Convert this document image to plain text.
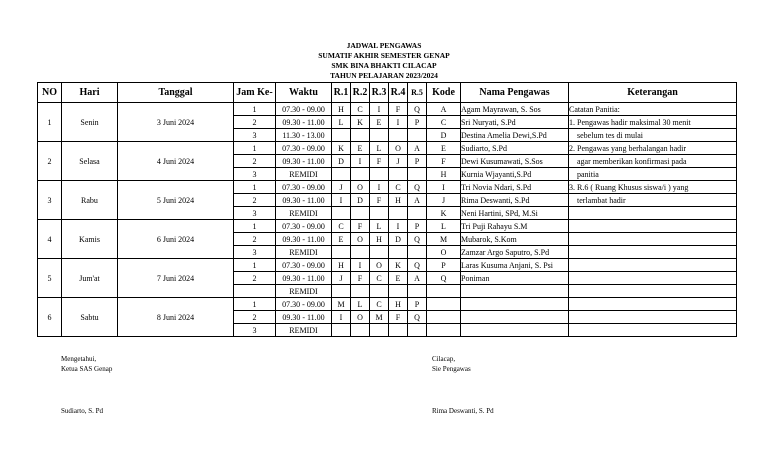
JADWAL PENGAWAS
SUMATIF AKHIR SEMESTER GENAP
SMK BINA BHAKTI CILACAP
TAHUN PELAJARAN 2023/2024
NO	Hari	Tanggal	Jam Ke-	Waktu	R.1	R.2	R.3	R.4	R.5	Kode	Nama Pengawas	Keterangan
1	Senin	3 Juni 2024	1	07.30 - 09.00	H	C	I	F	Q	A	Agam Mayrawan, S. Sos	Catatan Panitia:
			2	09.30 - 11.00	L	K	E	I	P	C	Sri Nuryati, S.Pd	1. Pengawas hadir maksimal 30 menit
			3	11.30 - 13.00						D	Destina Amelia Dewi,S.Pd	sebelum tes di mulai
2	Selasa	4 Juni 2024	1	07.30 - 09.00	K	E	L	O	A	E	Sudiarto, S.Pd	2. Pengawas yang berhalangan hadir
			2	09.30 - 11.00	D	I	F	J	P	F	Dewi Kusumawati, S.Sos	agar memberikan konfirmasi pada
			3	REMIDI						H	Kurnia Wjayanti,S.Pd	panitia
3	Rabu	5 Juni 2024	1	07.30 - 09.00	J	O	I	C	Q	I	Tri Novia Ndari, S.Pd	3. R.6 ( Ruang Khusus siswa/i ) yang
			2	09.30 - 11.00	I	D	F	H	A	J	Rima Deswanti, S.Pd	terlambat hadir
			3	REMIDI						K	Neni Hartini, SPd, M.Si	
4	Kamis	6 Juni 2024	1	07.30 - 09.00	C	F	L	I	P	L	Tri Puji Rahayu S.M	
			2	09.30 - 11.00	E	O	H	D	Q	M	Mubarok, S.Kom	
			3	REMIDI						O	Zamzar Argo Saputro, S.Pd	
5	Jum'at	7 Juni 2024	1	07.30 - 09.00	H	I	O	K	Q	P	Laras Kusuma Anjani, S. Psi	
			2	09.30 - 11.00	J	F	C	E	A	Q	Poniman	
				REMIDI								
6	Sabtu	8 Juni 2024	1	07.30 - 09.00	M	L	C	H	P			
			2	09.30 - 11.00	I	O	M	F	Q			
			3	REMIDI								
Mengetahui,
Ketua SAS Genap
Sudiarto, S. Pd
Cilacap,
Sie Pengawas
Rima Deswanti, S. Pd
